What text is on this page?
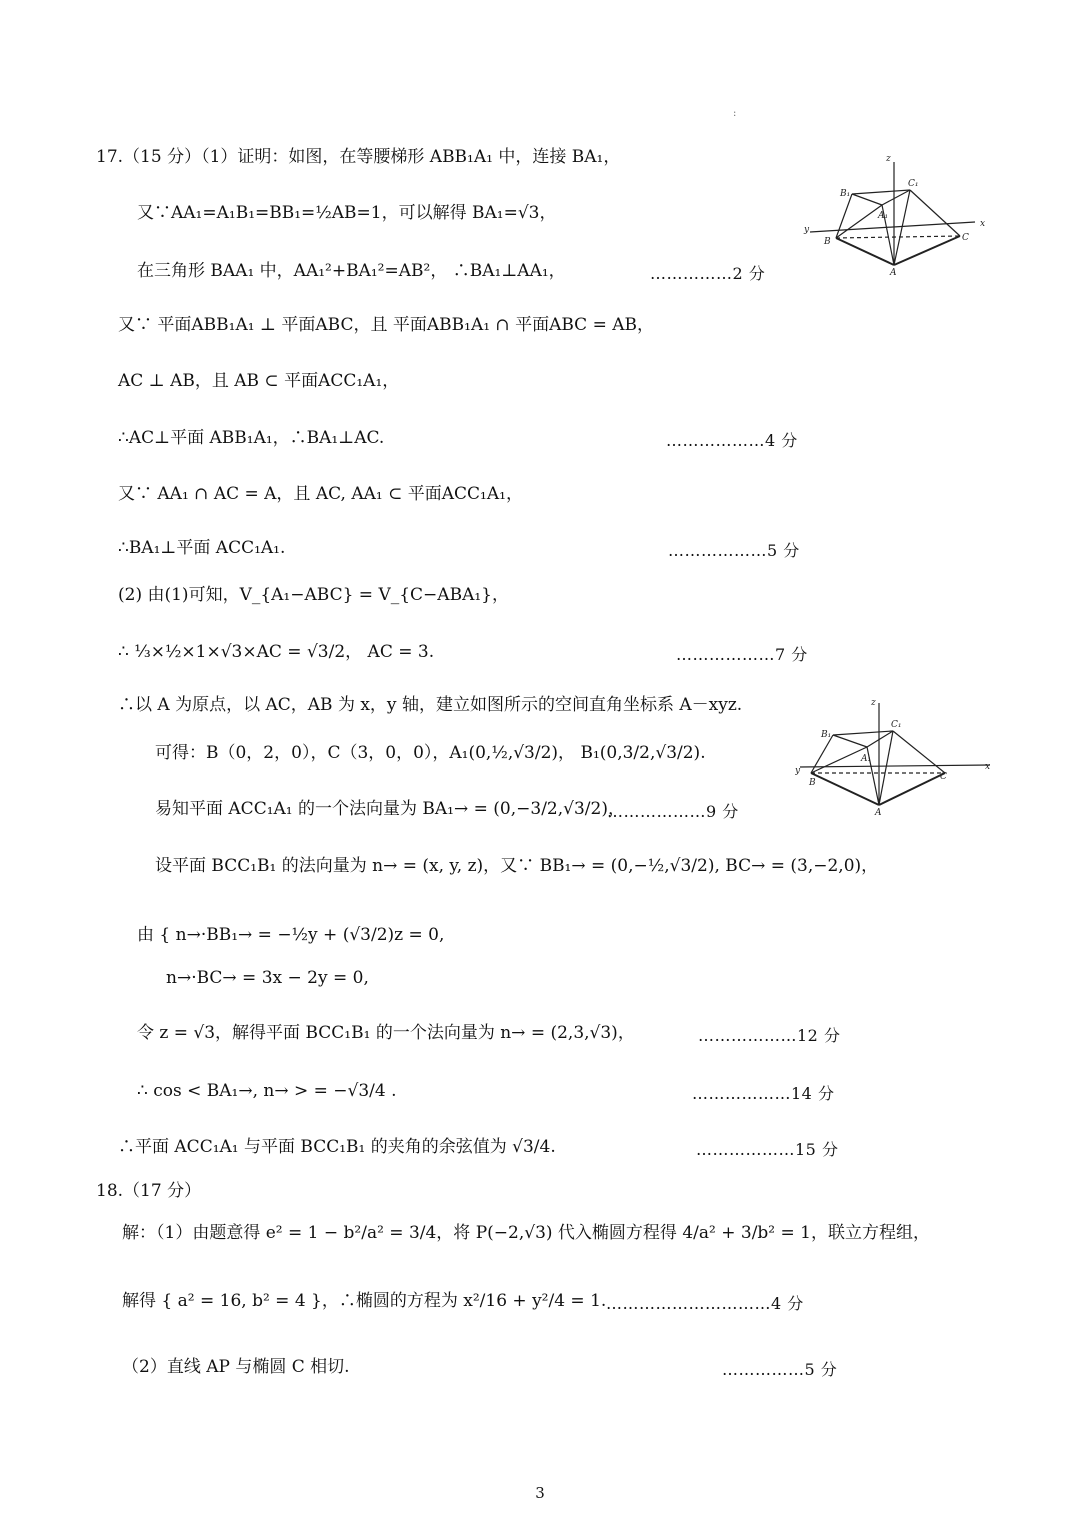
:
17.（15 分）（1）证明：如图，在等腰梯形 ABB₁A₁ 中，连接 BA₁，
又∵AA₁=A₁B₁=BB₁=½AB=1，可以解得 BA₁=√3，
在三角形 BAA₁ 中，AA₁²+BA₁²=AB²， ∴BA₁⊥AA₁，	……………2 分
又∵ 平面ABB₁A₁ ⊥ 平面ABC，且 平面ABB₁A₁ ∩ 平面ABC = AB，
AC ⊥ AB，且 AB ⊂ 平面ACC₁A₁，
∴AC⊥平面 ABB₁A₁，∴BA₁⊥AC.	………………4 分
又∵ AA₁ ∩ AC = A，且 AC, AA₁ ⊂ 平面ACC₁A₁，
∴BA₁⊥平面 ACC₁A₁.	………………5 分
(2) 由(1)可知，V_{A₁−ABC} = V_{C−ABA₁}，
∴ ⅓×½×1×√3×AC = √3/2， AC = 3.	………………7 分
∴以 A 为原点，以 AC，AB 为 x，y 轴，建立如图所示的空间直角坐标系 A－xyz.
可得：B（0，2，0），C（3，0，0），A₁(0,½,√3/2)， B₁(0,3/2,√3/2).
易知平面 ACC₁A₁ 的一个法向量为 BA₁→ = (0,−3/2,√3/2)，
………………9 分
设平面 BCC₁B₁ 的法向量为 n→ = (x, y, z)，又∵ BB₁→ = (0,−½,√3/2), BC→ = (3,−2,0)，
由 { n→·BB₁→ = −½y + (√3/2)z = 0,
n→·BC→ = 3x − 2y = 0,
令 z = √3，解得平面 BCC₁B₁ 的一个法向量为 n→ = (2,3,√3)，	………………12 分
∴ cos < BA₁→, n→ > = −√3/4 .	………………14 分
∴平面 ACC₁A₁ 与平面 BCC₁B₁ 的夹角的余弦值为 √3/4.	………………15 分
18.（17 分）
解：（1）由题意得 e² = 1 − b²/a² = 3/4，将 P(−2,√3) 代入椭圆方程得 4/a² + 3/b² = 1，联立方程组，
解得 { a² = 16, b² = 4 }，∴椭圆的方程为 x²/16 + y²/4 = 1. …………………………4 分
（2）直线 AP 与椭圆 C 相切.	……………5 分
z
x
y
B	C
A
B₁
C₁
A₁
z
x
y
B
C
A
B₁
C₁
A₁
3
